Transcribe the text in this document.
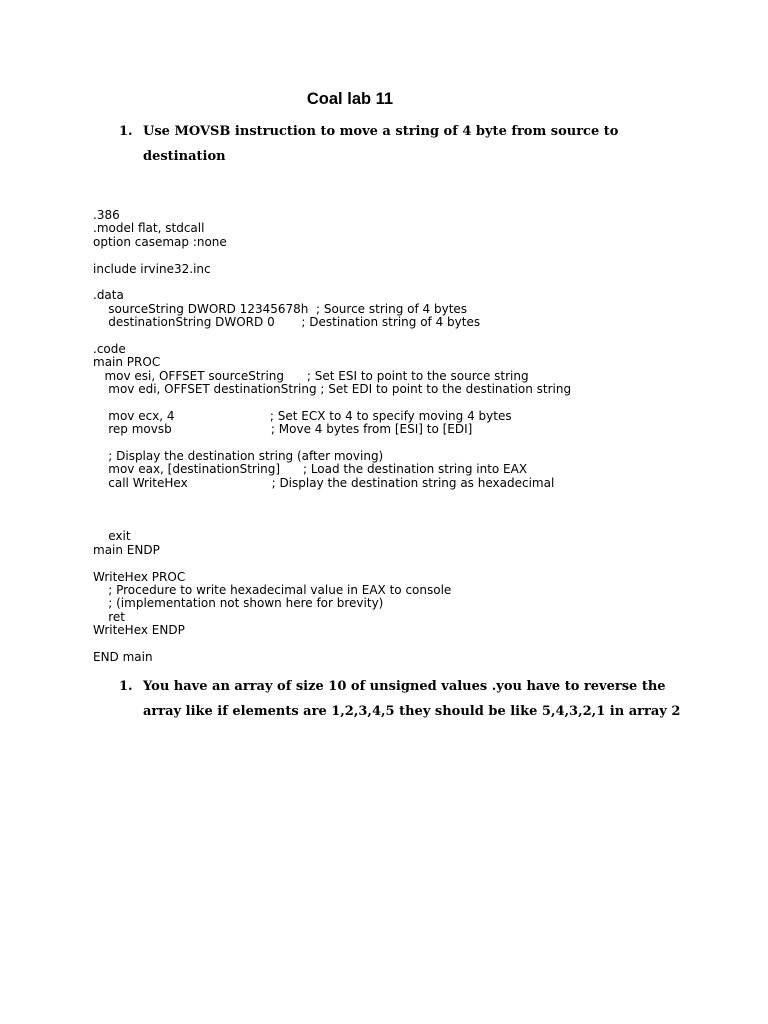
Coal lab 11
1. Use MOVSB instruction to move a string of 4 byte from source to destination
.386
.model flat, stdcall
option casemap :none
include irvine32.inc
.data
sourceString DWORD 12345678h  ; Source string of 4 bytes
destinationString DWORD 0       ; Destination string of 4 bytes
.code
main PROC
mov esi, OFFSET sourceString      ; Set ESI to point to the source string
mov edi, OFFSET destinationString ; Set EDI to point to the destination string
mov ecx, 4                         ; Set ECX to 4 to specify moving 4 bytes
rep movsb                          ; Move 4 bytes from [ESI] to [EDI]
; Display the destination string (after moving)
mov eax, [destinationString]      ; Load the destination string into EAX
call WriteHex                      ; Display the destination string as hexadecimal
exit
main ENDP
WriteHex PROC
; Procedure to write hexadecimal value in EAX to console
; (implementation not shown here for brevity)
ret
WriteHex ENDP
END main
1. You have an array of size 10 of unsigned values .you have to reverse the array like if elements are 1,2,3,4,5 they should be like 5,4,3,2,1 in array 2
